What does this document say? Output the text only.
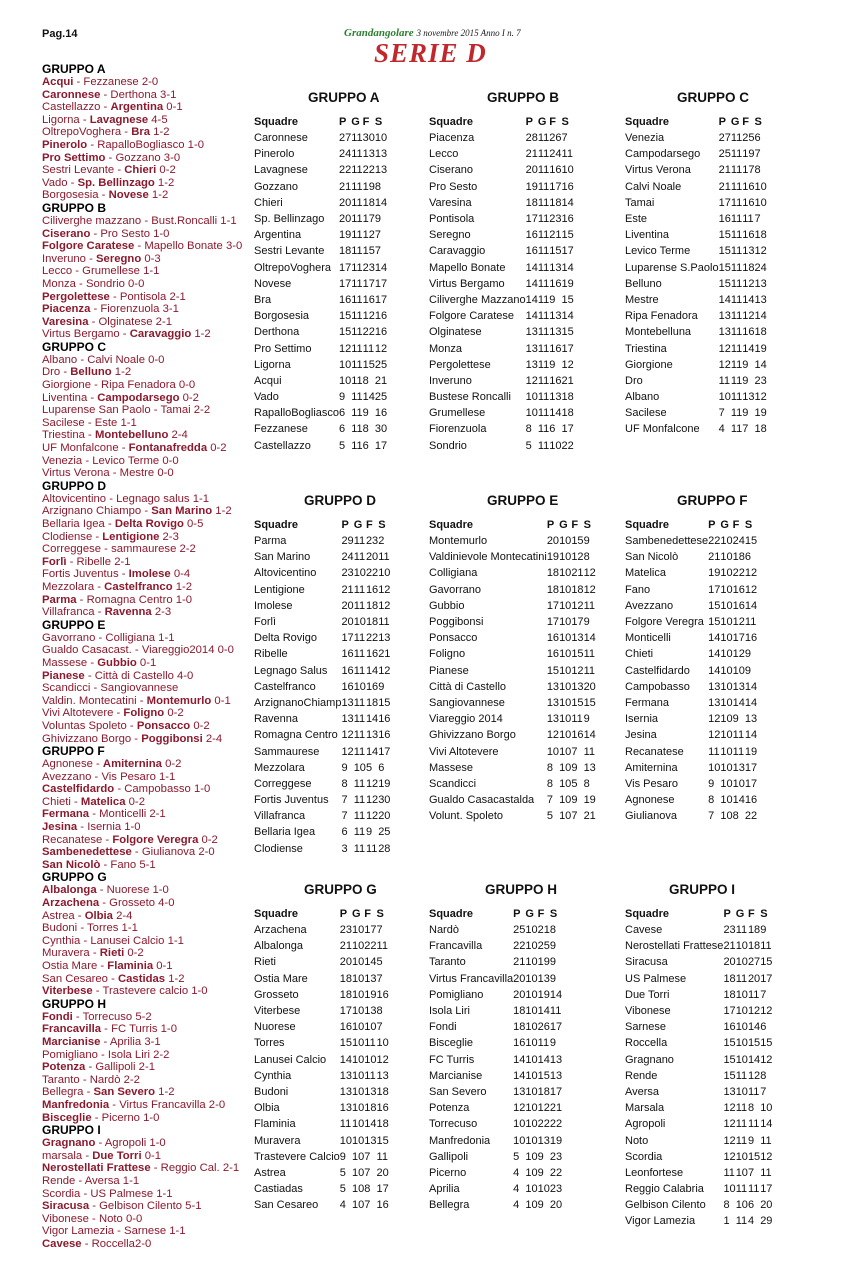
Pag.14	Grandangolare 3 novembre 2015 Anno I n. 7
SERIE D
GRUPPO A
Acqui - Fezzanese 2-0
Caronnese - Derthona 3-1
Castellazzo - Argentina 0-1
Ligorna - Lavagnese 4-5
OltrepoVoghera - Bra 1-2
Pinerolo - RapalloBogliasco 1-0
Pro Settimo - Gozzano 3-0
Sestri Levante - Chieri 0-2
Vado - Sp. Bellinzago 1-2
Borgosesia - Novese 1-2
GRUPPO B
Ciliverghe mazzano - Bust.Roncalli 1-1
Ciserano - Pro Sesto 1-0
Folgore Caratese - Mapello Bonate 3-0
Inveruno - Seregno 0-3
Lecco - Grumellese 1-1
Monza - Sondrio 0-0
Pergolettese - Pontisola 2-1
Piacenza - Fiorenzuola 3-1
Varesina - Olginatese 2-1
Virtus Bergamo - Caravaggio 1-2
GRUPPO C
Albano - Calvi Noale 0-0
Dro - Belluno 1-2
Giorgione - Ripa Fenadora 0-0
Liventina - Campodarsego 0-2
Luparense San Paolo - Tamai 2-2
Sacilese - Este 1-1
Triestina - Montebelluno 2-4
UF Monfalcone - Fontanafredda 0-2
Venezia - Levico Terme 0-0
Virtus Verona - Mestre 0-0
GRUPPO D
Altovicentino - Legnago salus 1-1
Arzignano Chiampo - San Marino 1-2
Bellaria Igea - Delta Rovigo 0-5
Clodiense - Lentigione 2-3
Correggese - sammaurese 2-2
Forlì - Ribelle 2-1
Fortis Juventus - Imolese 0-4
Mezzolara - Castelfranco 1-2
Parma - Romagna Centro 1-0
Villafranca - Ravenna 2-3
GRUPPO E
Gavorrano - Colligiana 1-1
Gualdo Casacast. - Viareggio2014 0-0
Massese - Gubbio 0-1
Pianese - Città di Castello 4-0
Scandicci - Sangiovannese
Valdin. Montecatini - Montemurlo 0-1
Vivi Altotevere - Foligno 0-2
Voluntas Spoleto - Ponsacco 0-2
Ghivizzano Borgo - Poggibonsi 2-4
GRUPPO F
Agnonese - Amiternina 0-2
Avezzano - Vis Pesaro 1-1
Castelfidardo - Campobasso 1-0
Chieti - Matelica 0-2
Fermana - Monticelli 2-1
Jesina - Isernia 1-0
Recanatese - Folgore Veregra 0-2
Sambenedettese - Giulianova 2-0
San Nicolò - Fano 5-1
GRUPPO G
Albalonga - Nuorese 1-0
Arzachena - Grosseto 4-0
Astrea - Olbia 2-4
Budoni - Torres 1-1
Cynthia - Lanusei Calcio 1-1
Muravera - Rieti 0-2
Ostia Mare - Flaminia 0-1
San Cesareo - Castidas 1-2
Viterbese - Trastevere calcio 1-0
GRUPPO H
Fondi - Torrecuso 5-2
Francavilla - FC Turris 1-0
Marcianise - Aprilia 3-1
Pomigliano - Isola Liri 2-2
Potenza - Gallipoli 2-1
Taranto - Nardò 2-2
Bellegra - San Severo 1-2
Manfredonia - Virtus Francavilla 2-0
Bisceglie - Picerno 1-0
GRUPPO I
Gragnano - Agropoli 1-0
marsala - Due Torri 0-1
Nerostellati Frattese - Reggio Cal. 2-1
Rende - Aversa 1-1
Scordia - US Palmese 1-1
Siracusa - Gelbison Cilento 5-1
Vibonese - Noto 0-0
Vigor Lamezia - Sarnese 1-1
Cavese - Roccella2-0
GRUPPO A
Squadre	P	G	F	S
Caronnese	27	11	30	10
Pinerolo	24	11	13	13
Lavagnese	22	11	22	13
Gozzano	21	11	19	8
Chieri	20	11	18	14
Sp. Bellinzago	20	11	17	9
Argentina	19	11	12	7
Sestri Levante	18	11	15	7
OltrepoVoghera	17	11	23	14
Novese	17	11	17	17
Bra	16	11	16	17
Borgosesia	15	11	12	16
Derthona	15	11	22	16
Pro Settimo	12	11	11	12
Ligorna	10	11	15	25
Acqui	10	11	8	21
Vado	9	11	14	25
RapalloBogliasco	6	11	9	16
Fezzanese	6	11	8	30
Castellazzo	5	11	6	17
GRUPPO B
Squadre	P	G	F	S
Piacenza	28	11	26	7
Lecco	21	11	24	11
Ciserano	20	11	16	10
Pro Sesto	19	11	17	16
Varesina	18	11	18	14
Pontisola	17	11	23	16
Seregno	16	11	21	15
Caravaggio	16	11	15	17
Mapello Bonate	14	11	13	14
Virtus Bergamo	14	11	16	19
Ciliverghe Mazzano	14	11	9	15
Folgore Caratese	14	11	13	14
Olginatese	13	11	13	15
Monza	13	11	16	17
Pergolettese	13	11	9	12
Inveruno	12	11	16	21
Bustese Roncalli	10	11	13	18
Grumellese	10	11	14	18
Fiorenzuola	8	11	6	17
Sondrio	5	11	10	22
GRUPPO C
Squadre	P	G	F	S
Venezia	27	11	25	6
Campodarsego	25	11	19	7
Virtus Verona	21	11	17	8
Calvi Noale	21	11	16	10
Tamai	17	11	16	10
Este	16	11	11	7
Liventina	15	11	16	18
Levico Terme	15	11	13	12
Luparense S.Paolo	15	11	18	24
Belluno	15	11	12	13
Mestre	14	11	14	13
Ripa Fenadora	13	11	12	14
Montebelluna	13	11	16	18
Triestina	12	11	14	19
Giorgione	12	11	9	14
Dro	11	11	9	23
Albano	10	11	13	12
Sacilese	7	11	9	19
UF Monfalcone	4	11	7	18
GRUPPO D
Squadre	P	G	F	S
Parma	29	11	23	2
San Marino	24	11	20	11
Altovicentino	23	10	22	10
Lentigione	21	11	16	12
Imolese	20	11	18	12
Forlì	20	10	18	11
Delta Rovigo	17	11	22	13
Ribelle	16	11	16	21
Legnago Salus	16	11	14	12
Castelfranco	16	10	16	9
ArzignanoChiamp	13	11	18	15
Ravenna	13	11	14	16
Romagna Centro	12	11	13	16
Sammaurese	12	11	14	17
Mezzolara	9	10	5	6
Correggese	8	11	12	19
Fortis Juventus	7	11	12	30
Villafranca	7	11	12	20
Bellaria Igea	6	11	9	25
Clodiense	3	11	11	28
GRUPPO E
Squadre	P	G	F	S
Montemurlo	20	10	15	9
Valdinievole Montecatini	19	10	12	8
Colligiana	18	10	21	12
Gavorrano	18	10	18	12
Gubbio	17	10	12	11
Poggibonsi	17	10	17	9
Ponsacco	16	10	13	14
Foligno	16	10	15	11
Pianese	15	10	12	11
Città di Castello	13	10	13	20
Sangiovannese	13	10	15	15
Viareggio 2014	13	10	11	9
Ghivizzano Borgo	12	10	16	14
Vivi Altotevere	10	10	7	11
Massese	8	10	9	13
Scandicci	8	10	5	8
Gualdo Casacastalda	7	10	9	19
Volunt. Spoleto	5	10	7	21
GRUPPO F
Squadre	P	G	F	S
Sambenedettese	22	10	24	15
San Nicolò	21	10	18	6
Matelica	19	10	22	12
Fano	17	10	16	12
Avezzano	15	10	16	14
Folgore Veregra	15	10	12	11
Monticelli	14	10	17	16
Chieti	14	10	12	9
Castelfidardo	14	10	10	9
Campobasso	13	10	13	14
Fermana	13	10	14	14
Isernia	12	10	9	13
Jesina	12	10	11	14
Recanatese	11	10	11	19
Amiternina	10	10	13	17
Vis Pesaro	9	10	10	17
Agnonese	8	10	14	16
Giulianova	7	10	8	22
GRUPPO G
Squadre	P	G	F	S
Arzachena	23	10	17	7
Albalonga	21	10	22	11
Rieti	20	10	14	5
Ostia Mare	18	10	13	7
Grosseto	18	10	19	16
Viterbese	17	10	13	8
Nuorese	16	10	10	7
Torres	15	10	11	10
Lanusei Calcio	14	10	10	12
Cynthia	13	10	11	13
Budoni	13	10	13	18
Olbia	13	10	18	16
Flaminia	11	10	14	18
Muravera	10	10	13	15
Trastevere Calcio	9	10	7	11
Astrea	5	10	7	20
Castiadas	5	10	8	17
San Cesareo	4	10	7	16
GRUPPO H
Squadre	P	G	F	S
Nardò	25	10	21	8
Francavilla	22	10	25	9
Taranto	21	10	19	9
Virtus Francavilla	20	10	13	9
Pomigliano	20	10	19	14
Isola Liri	18	10	14	11
Fondi	18	10	26	17
Bisceglie	16	10	11	9
FC Turris	14	10	14	13
Marcianise	14	10	15	13
San Severo	13	10	18	17
Potenza	12	10	12	21
Torrecuso	10	10	22	22
Manfredonia	10	10	13	19
Gallipoli	5	10	9	23
Picerno	4	10	9	22
Aprilia	4	10	10	23
Bellegra	4	10	9	20
GRUPPO I
Squadre	P	G	F	S
Cavese	23	11	18	9
Nerostellati Frattese	21	10	18	11
Siracusa	20	10	27	15
US Palmese	18	11	20	17
Due Torri	18	10	11	7
Vibonese	17	10	12	12
Sarnese	16	10	14	6
Roccella	15	10	15	15
Gragnano	15	10	14	12
Rende	15	11	12	8
Aversa	13	10	11	7
Marsala	12	11	8	10
Agropoli	12	11	11	14
Noto	12	11	9	11
Scordia	12	10	15	12
Leonfortese	11	10	7	11
Reggio Calabria	10	11	11	17
Gelbison Cilento	8	10	6	20
Vigor Lamezia	1	11	4	29
